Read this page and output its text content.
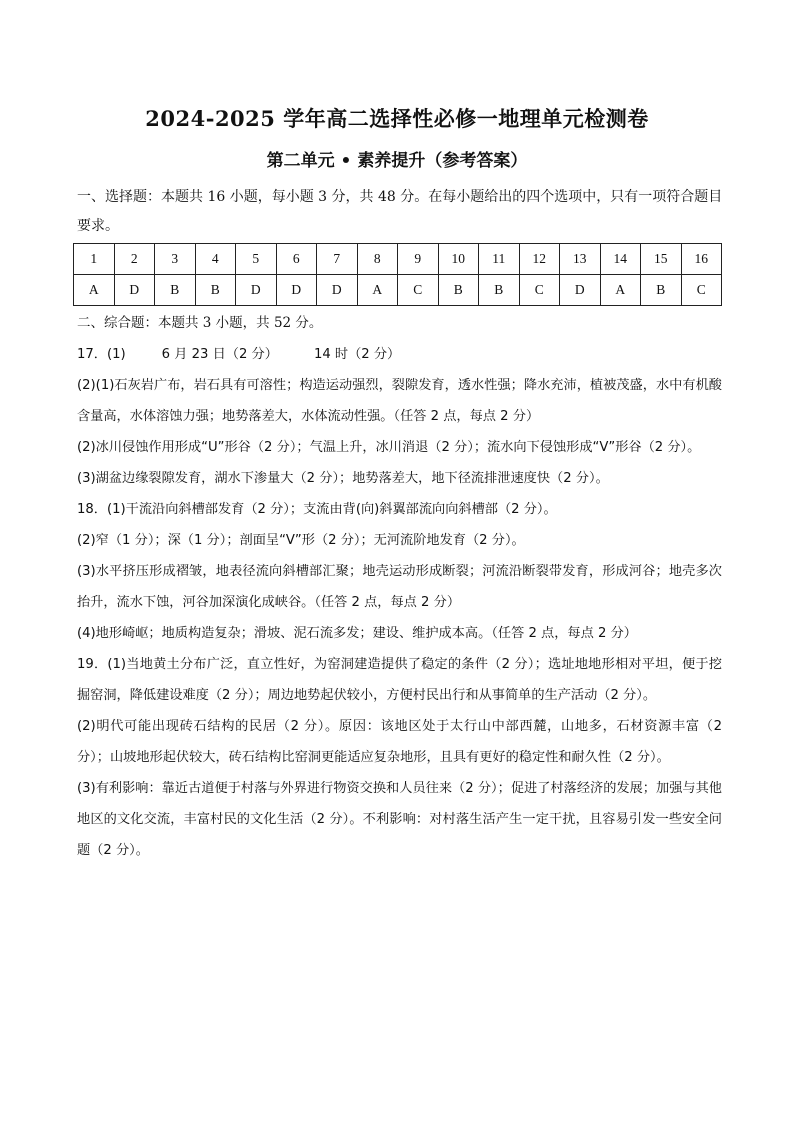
2024-2025 学年高二选择性必修一地理单元检测卷
第二单元 • 素养提升（参考答案）
一、选择题：本题共 16 小题，每小题 3 分，共 48 分。在每小题给出的四个选项中，只有一项符合题目要求。
1	2	3	4	5	6	7	8	9	10	11	12	13	14	15	16
A	D	B	B	D	D	D	A	C	B	B	C	D	A	B	C
二、综合题：本题共 3 小题，共 52 分。

17．(1)	6 月 23 日（2 分）	14 时（2 分）

(2)(1)石灰岩广布，岩石具有可溶性；构造运动强烈，裂隙发育，透水性强；降水充沛，植被茂盛，水中有机酸含量高，水体溶蚀力强；地势落差大，水体流动性强。（任答 2 点，每点 2 分）

(2)冰川侵蚀作用形成“U”形谷（2 分）；气温上升，冰川消退（2 分）；流水向下侵蚀形成“V”形谷（2 分）。

(3)湖盆边缘裂隙发育，湖水下渗量大（2 分）；地势落差大，地下径流排泄速度快（2 分）。

18．(1)干流沿向斜槽部发育（2 分）；支流由背(向)斜翼部流向向斜槽部（2 分）。

(2)窄（1 分）；深（1 分）；剖面呈“V”形（2 分）；无河流阶地发育（2 分）。

(3)水平挤压形成褶皱，地表径流向斜槽部汇聚；地壳运动形成断裂；河流沿断裂带发育，形成河谷；地壳多次抬升，流水下蚀，河谷加深演化成峡谷。（任答 2 点，每点 2 分）

(4)地形崎岖；地质构造复杂；滑坡、泥石流多发；建设、维护成本高。（任答 2 点，每点 2 分）

19．(1)当地黄土分布广泛，直立性好，为窑洞建造提供了稳定的条件（2 分）；选址地地形相对平坦，便于挖掘窑洞，降低建设难度（2 分）；周边地势起伏较小，方便村民出行和从事简单的生产活动（2 分）。

(2)明代可能出现砖石结构的民居（2 分）。原因：该地区处于太行山中部西麓，山地多，石材资源丰富（2 分）；山坡地形起伏较大，砖石结构比窑洞更能适应复杂地形，且具有更好的稳定性和耐久性（2 分）。

(3)有利影响：靠近古道便于村落与外界进行物资交换和人员往来（2 分）；促进了村落经济的发展；加强与其他地区的文化交流，丰富村民的文化生活（2 分）。不利影响：对村落生活产生一定干扰，且容易引发一些安全问题（2 分）。
